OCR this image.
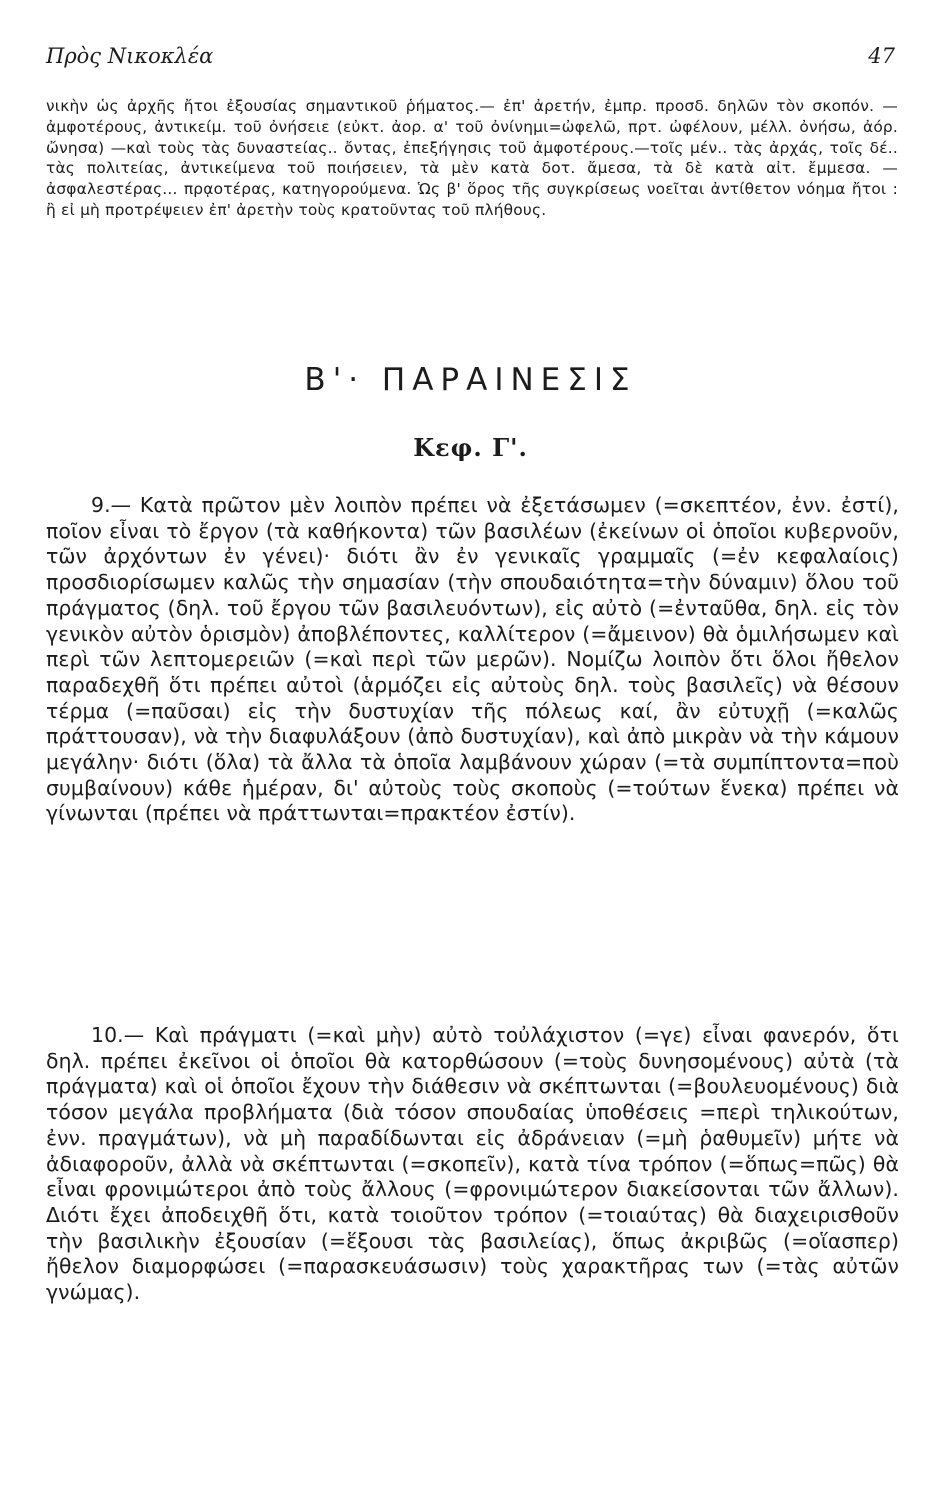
Πρὸς Νικοκλέα	47

νικὴν ὡς ἀρχῆς ἤτοι ἐξουσίας σημαντικοῦ ῥήματος.— ἐπ' ἀρετήν, ἐμπρ. προσδ. δηλῶν τὸν σκοπόν. — ἀμφοτέρους, ἀντικείμ. τοῦ ὀνήσειε (εὐκτ. ἀορ. α' τοῦ ὀνίνημι=ὠφελῶ, πρτ. ὠφέλουν, μέλλ. ὀνήσω, ἀόρ. ὤνησα) —καὶ τοὺς τὰς δυναστείας.. ὄντας, ἐπεξήγησις τοῦ ἀμφοτέρους.—τοῖς μέν.. τὰς ἀρχάς, τοῖς δέ.. τὰς πολιτείας, ἀντικείμενα τοῦ ποιήσειεν, τὰ μὲν κατὰ δοτ. ἄμεσα, τὰ δὲ κατὰ αἰτ. ἔμμεσα. — ἀσφαλεστέρας... πρᾳοτέρας, κατηγορούμενα. Ὡς β' ὅρος τῆς συγκρίσεως νοεῖται ἀντίθετον νόημα ἤτοι : ἢ εἰ μὴ προτρέψειεν ἐπ' ἀρετὴν τοὺς κρατοῦντας τοῦ πλήθους.

Β'· ΠΑΡΑΙΝΕΣΙΣ
Κεφ. Γ'.

9.— Κατὰ πρῶτον μὲν λοιπὸν πρέπει νὰ ἐξετάσωμεν (=σκεπτέον, ἐνν. ἐστί), ποῖον εἶναι τὸ ἔργον (τὰ καθήκοντα) τῶν βασιλέων (ἐκείνων οἱ ὁποῖοι κυβερνοῦν, τῶν ἀρχόντων ἐν γένει)· διότι ἂν ἐν γενικαῖς γραμμαῖς (=ἐν κεφαλαίοις) προσδιορίσωμεν καλῶς τὴν σημασίαν (τὴν σπουδαιότητα=τὴν δύναμιν) ὅλου τοῦ πράγματος (δηλ. τοῦ ἔργου τῶν βασιλευόντων), εἰς αὐτὸ (=ἐνταῦθα, δηλ. εἰς τὸν γενικὸν αὐτὸν ὁρισμὸν) ἀποβλέποντες, καλλίτερον (=ἄμεινον) θὰ ὁμιλήσωμεν καὶ περὶ τῶν λεπτομερειῶν (=καὶ περὶ τῶν μερῶν). Νομίζω λοιπὸν ὅτι ὅλοι ἤθελον παραδεχθῆ ὅτι πρέπει αὐτοὶ (ἁρμόζει εἰς αὐτοὺς δηλ. τοὺς βασιλεῖς) νὰ θέσουν τέρμα (=παῦσαι) εἰς τὴν δυστυχίαν τῆς πόλεως καί, ἂν εὐτυχῇ (=καλῶς πράττουσαν), νὰ τὴν διαφυλάξουν (ἀπὸ δυστυχίαν), καὶ ἀπὸ μικρὰν νὰ τὴν κάμουν μεγάλην· διότι (ὅλα) τὰ ἄλλα τὰ ὁποῖα λαμβάνουν χώραν (=τὰ συμπίπτοντα=ποὺ συμβαίνουν) κάθε ἡμέραν, δι' αὐτοὺς τοὺς σκοποὺς (=τούτων ἕνεκα) πρέπει νὰ γίνωνται (πρέπει νὰ πράττωνται=πρακτέον ἐστίν).

10.— Καὶ πράγματι (=καὶ μὴν) αὐτὸ τοὐλάχιστον (=γε) εἶναι φανερόν, ὅτι δηλ. πρέπει ἐκεῖνοι οἱ ὁποῖοι θὰ κατορθώσουν (=τοὺς δυνησομένους) αὐτὰ (τὰ πράγματα) καὶ οἱ ὁποῖοι ἔχουν τὴν διάθεσιν νὰ σκέπτωνται (=βουλευομένους) διὰ τόσον μεγάλα προβλήματα (διὰ τόσον σπουδαίας ὑποθέσεις =περὶ τηλικούτων, ἐνν. πραγμάτων), νὰ μὴ παραδίδωνται εἰς ἀδράνειαν (=μὴ ῥαθυμεῖν) μήτε νὰ ἀδιαφοροῦν, ἀλλὰ νὰ σκέπτωνται (=σκοπεῖν), κατὰ τίνα τρόπον (=ὅπως=πῶς) θὰ εἶναι φρονιμώτεροι ἀπὸ τοὺς ἄλλους (=φρονιμώτερον διακείσονται τῶν ἄλλων). Διότι ἔχει ἀποδειχθῆ ὅτι, κατὰ τοιοῦτον τρόπον (=τοιαύτας) θὰ διαχειρισθοῦν τὴν βασιλικὴν ἐξουσίαν (=ἕξουσι τὰς βασιλείας), ὅπως ἀκριβῶς (=οἵασπερ) ἤθελον διαμορφώσει (=παρασκευάσωσιν) τοὺς χαρακτῆρας των (=τὰς αὐτῶν γνώμας).
